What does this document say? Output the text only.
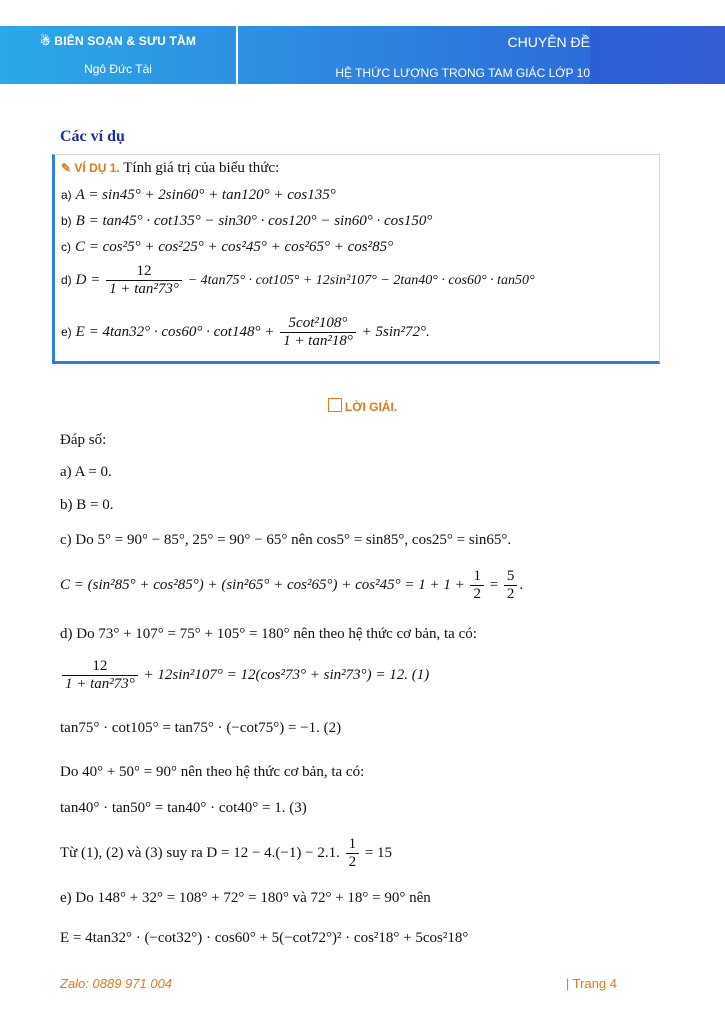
☃ BIÊN SOẠN & SƯU TẦM
Ngô Đức Tài
CHUYÊN ĐỀ
HỆ THỨC LƯỢNG TRONG TAM GIÁC LỚP 10
Các ví dụ
✎ VÍ DỤ 1. Tính giá trị của biểu thức:
a) A = sin45° + 2sin60° + tan120° + cos135°
b) B = tan45° · cot135° − sin30° · cos120° − sin60° · cos150°
c) C = cos²5° + cos²25° + cos²45° + cos²65° + cos²85°
d) $D = \frac{12}{\text{1 + tan²73°}} - 4\tan 75^\circ \cdot \cot 105^\circ + 12\sin^2107^\circ - 2\tan 40^\circ \cdot \cos 60^\circ \cdot \tan 50^\circ$
e) $E = 4\tan 32^\circ \cdot \cos 60^\circ \cdot \cot 148^\circ + \frac{\text{5cot²108°}}{\text{1 + tan²18°}} + 5\sin^272^\circ$.
LỜI GIẢI.
Đáp số:
a) A = 0.
b) B = 0.
c) Do 5° = 90° − 85°, 25° = 90° − 65° nên cos5° = sin85°, cos25° = sin65°.
$C = (\sin^285^\circ + \cos^285^\circ) + (\sin^265^\circ + \cos^265^\circ) + \cos^245^\circ = 1 + 1 + \frac{1}{2} = \frac{5}{2}$ .
d) Do 73° + 107° = 75° + 105° = 180° nên theo hệ thức cơ bản, ta có:
$\frac{12}{\text{1 + tan²73°}} + 12\sin^2107^\circ = 12(\cos^273^\circ + \sin^273^\circ) = 12$. (1)
tan75° · cot105° = tan75° · (−cot75°) = −1. (2)
Do 40° + 50° = 90° nên theo hệ thức cơ bản, ta có:
tan40° · tan50° = tan40° · cot40° = 1. (3)
Từ (1), (2) và (3) suy ra D = 12 − 4.(−1) − 2.1. $\frac{1}{2} = 15$
e) Do 148° + 32° = 108° + 72° = 180° và 72° + 18° = 90° nên
E = 4tan32° · (−cot32°) · cos60° + 5(−cot72°)² · cos²18° + 5cos²18°
Zalo: 0889 971 004	| Trang 4
